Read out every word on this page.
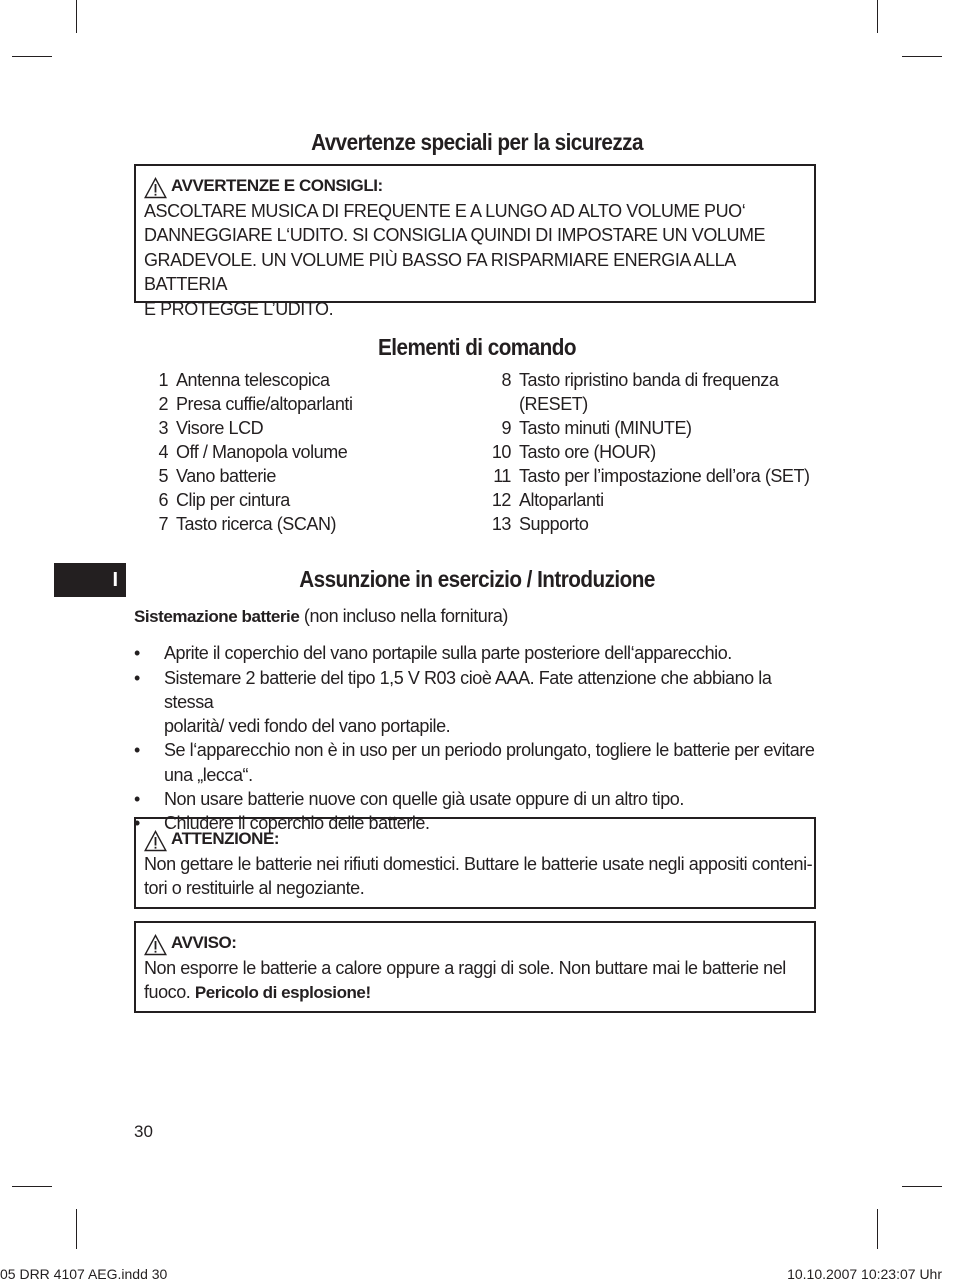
Avvertenze speciali per la sicurezza
AVVERTENZE E CONSIGLI:
ASCOLTARE MUSICA DI FREQUENTE E A LUNGO AD ALTO VOLUME PUO‘
DANNEGGIARE L‘UDITO. SI CONSIGLIA QUINDI DI IMPOSTARE UN VOLUME
GRADEVOLE. UN VOLUME PIÙ BASSO FA RISPARMIARE ENERGIA ALLA BATTERIA
E PROTEGGE L’UDITO.
Elementi di comando
1 Antenna telescopica
2 Presa cuffie/altoparlanti
3 Visore LCD
4 Off / Manopola volume
5 Vano batterie
6 Clip per cintura
7 Tasto ricerca (SCAN)
8 Tasto ripristino banda di frequenza
(RESET)
9 Tasto minuti (MINUTE)
10 Tasto ore (HOUR)
11 Tasto per l’impostazione dell’ora (SET)
12 Altoparlanti
13 Supporto
I	Assunzione in esercizio / Introduzione
Sistemazione batterie (non incluso nella fornitura)
•	Aprite il coperchio del vano portapile sulla parte posteriore dell‘apparecchio.
•	Sistemare 2 batterie del tipo 1,5 V R03 cioè AAA. Fate attenzione che abbiano la stessa
polarità/ vedi fondo del vano portapile.
•	Se l‘apparecchio non è in uso per un periodo prolungato, togliere le batterie per evitare
una „lecca“.
•	Non usare batterie nuove con quelle già usate oppure di un altro tipo.
•	Chiudere il coperchio delle batterie.
ATTENZIONE:
Non gettare le batterie nei rifiuti domestici. Buttare le batterie usate negli appositi conteni-
tori o restituirle al negoziante.
AVVISO:
Non esporre le batterie a calore oppure a raggi di sole. Non buttare mai le batterie nel
fuoco. Pericolo di esplosione!
30
05 DRR 4107 AEG.indd 30	10.10.2007 10:23:07 Uhr
